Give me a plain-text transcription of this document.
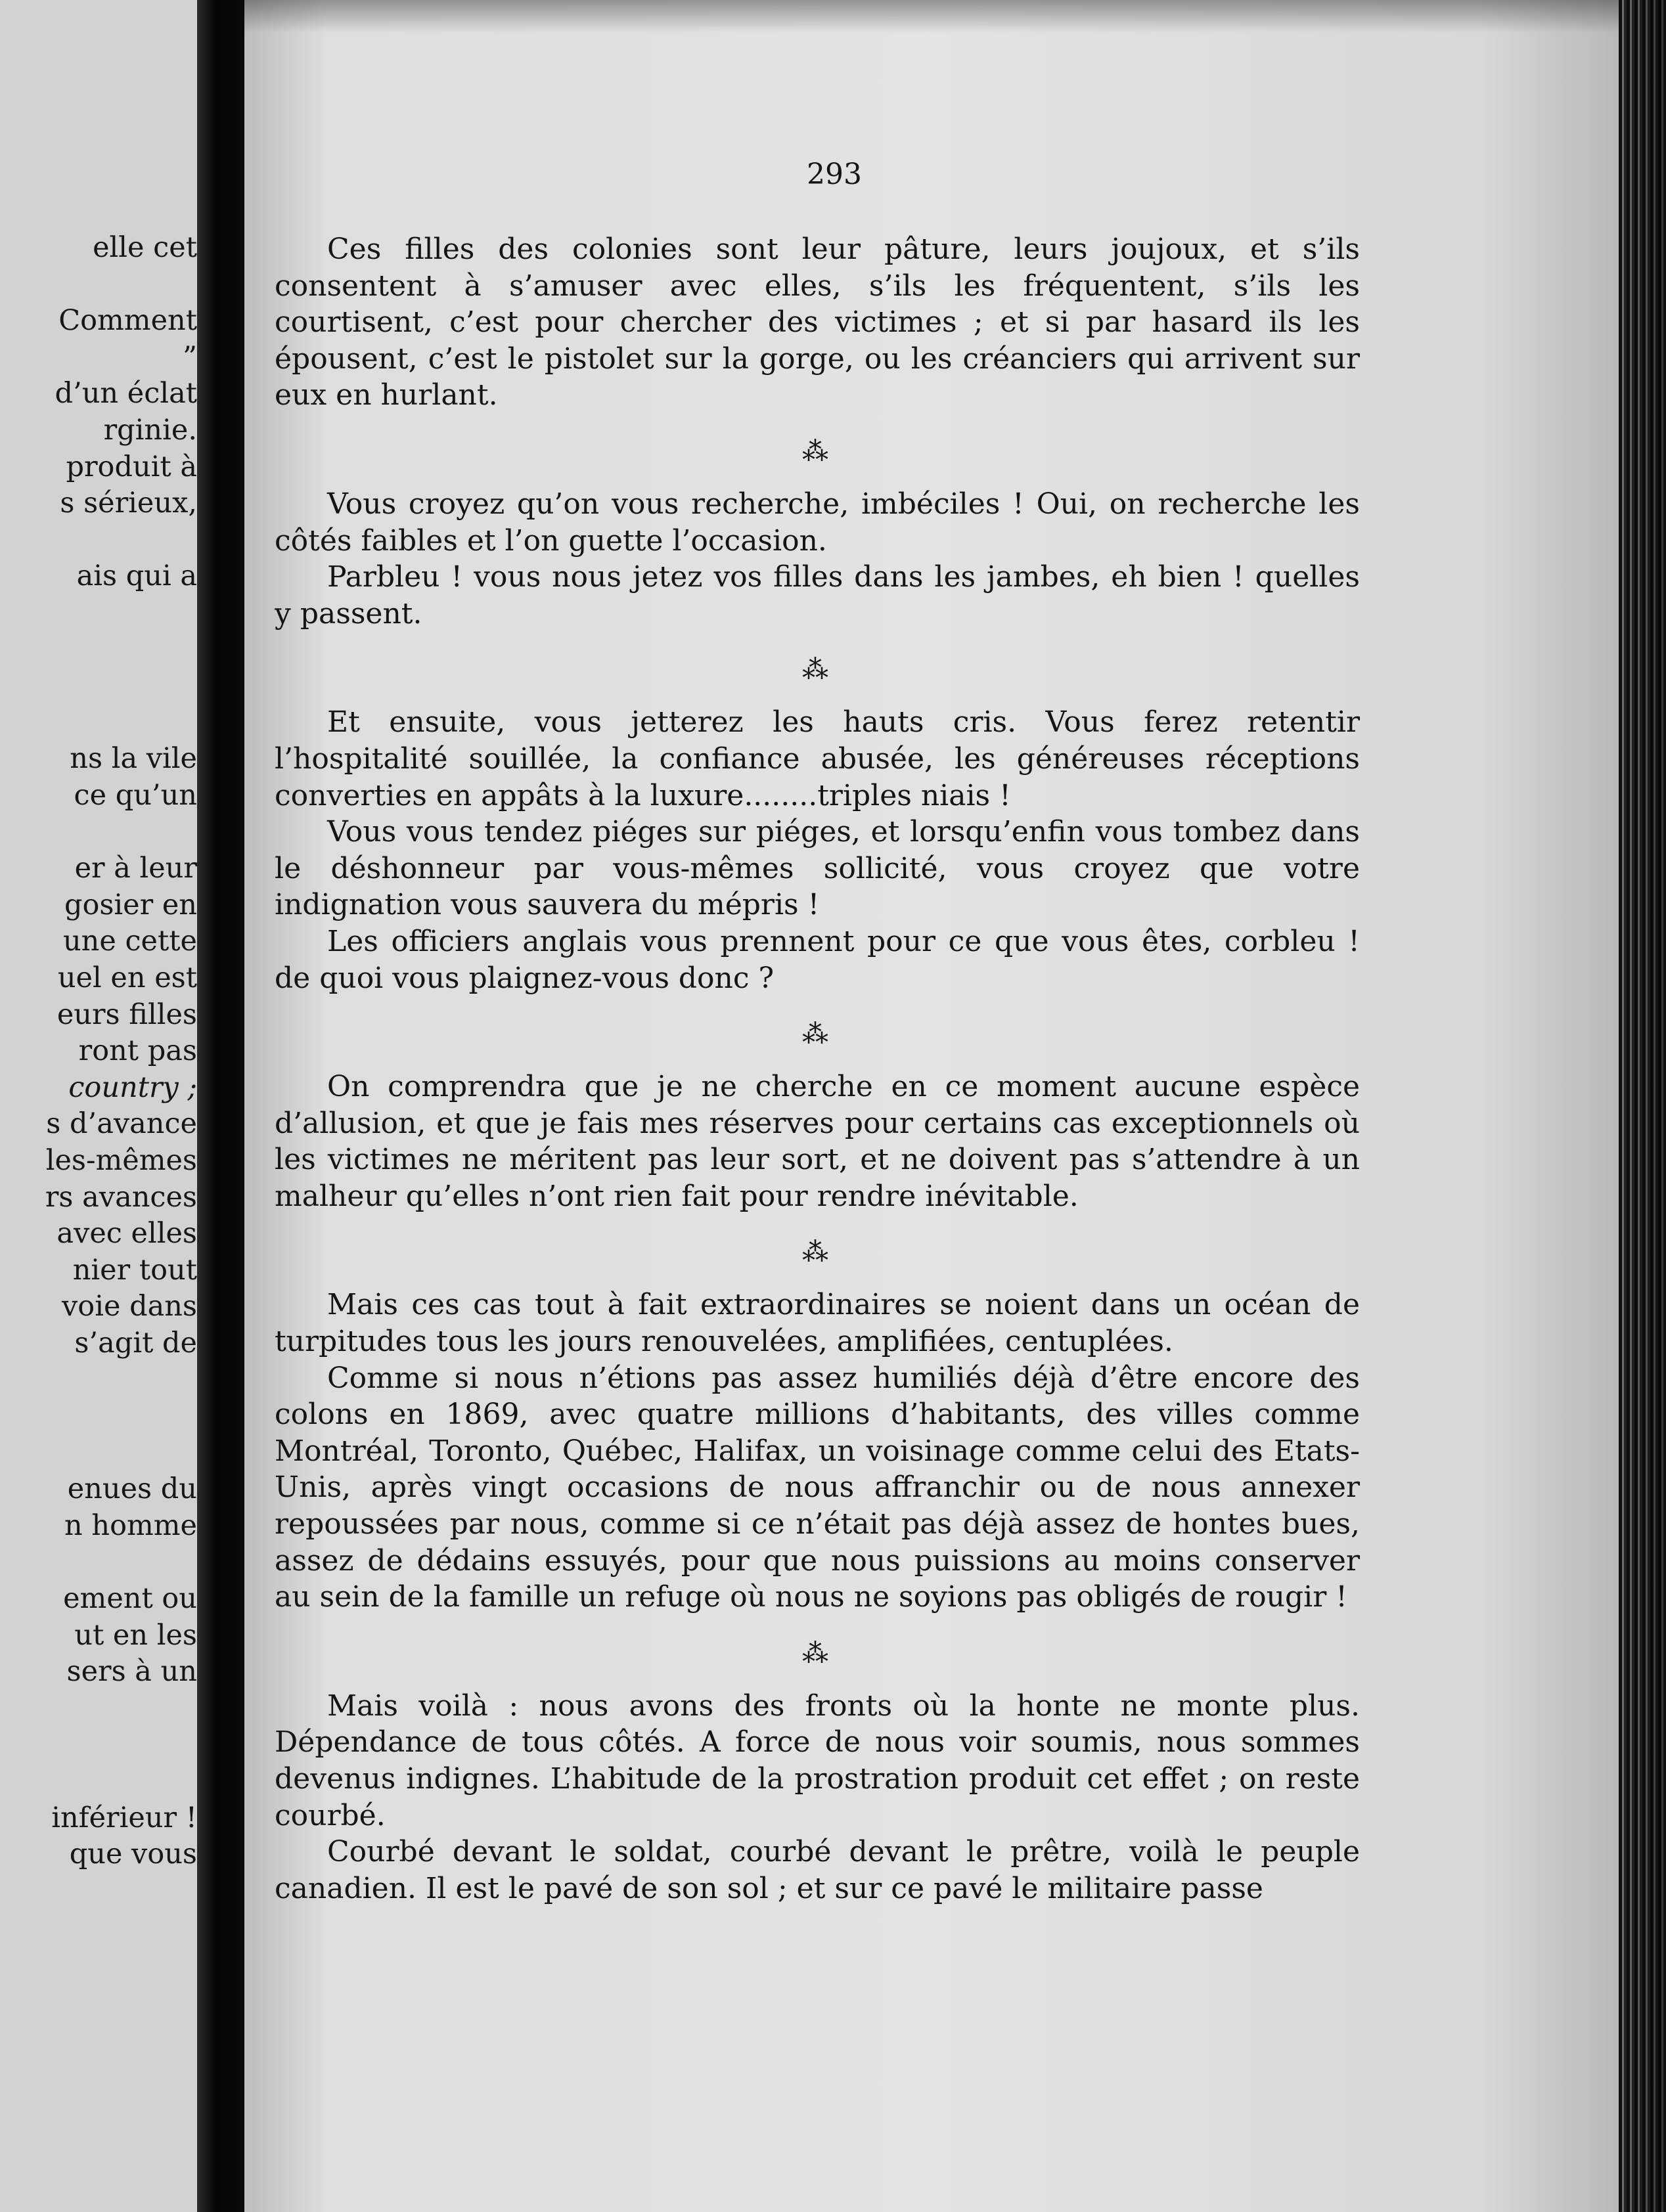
elle cet
Comment
”
d’un éclat
rginie.
produit à
s sérieux,
ais qui a
ns la vile
ce qu’un
er à leur
gosier en
une cette
uel en est
eurs filles
ront pas
country ;
s d’avance
les-mêmes
rs avances
avec elles
nier tout
voie dans
s’agit de
enues du
n homme
ement ou
ut en les
sers à un
inférieur !
que vous
293
Ces filles des colonies sont leur pâture, leurs joujoux, et s’ils consentent à s’amuser avec elles, s’ils les fréquentent, s’ils les courtisent, c’est pour chercher des victimes ; et si par hasard ils les épousent, c’est le pistolet sur la gorge, ou les créanciers qui arrivent sur eux en hurlant.
⁂
Vous croyez qu’on vous recherche, imbéciles ! Oui, on recherche les côtés faibles et l’on guette l’occasion.
Parbleu ! vous nous jetez vos filles dans les jambes, eh bien ! quelles y passent.
⁂
Et ensuite, vous jetterez les hauts cris. Vous ferez retentir l’hospitalité souillée, la confiance abusée, les généreuses réceptions converties en appâts à la luxure........triples niais !
Vous vous tendez piéges sur piéges, et lorsqu’enfin vous tombez dans le déshonneur par vous-mêmes sollicité, vous croyez que votre indignation vous sauvera du mépris !
Les officiers anglais vous prennent pour ce que vous êtes, corbleu ! de quoi vous plaignez-vous donc ?
⁂
On comprendra que je ne cherche en ce moment aucune espèce d’allusion, et que je fais mes réserves pour certains cas exceptionnels où les victimes ne méritent pas leur sort, et ne doivent pas s’attendre à un malheur qu’elles n’ont rien fait pour rendre inévitable.
⁂
Mais ces cas tout à fait extraordinaires se noient dans un océan de turpitudes tous les jours renouvelées, amplifiées, centuplées.
Comme si nous n’étions pas assez humiliés déjà d’être encore des colons en 1869, avec quatre millions d’habitants, des villes comme Montréal, Toronto, Québec, Halifax, un voisinage comme celui des Etats-Unis, après vingt occasions de nous affranchir ou de nous annexer repoussées par nous, comme si ce n’était pas déjà assez de hontes bues, assez de dédains essuyés, pour que nous puissions au moins conserver au sein de la famille un refuge où nous ne soyions pas obligés de rougir !
⁂
Mais voilà : nous avons des fronts où la honte ne monte plus. Dépendance de tous côtés. A force de nous voir soumis, nous sommes devenus indignes. L’habitude de la prostration produit cet effet ; on reste courbé.
Courbé devant le soldat, courbé devant le prêtre, voilà le peuple canadien. Il est le pavé de son sol ; et sur ce pavé le militaire passe
